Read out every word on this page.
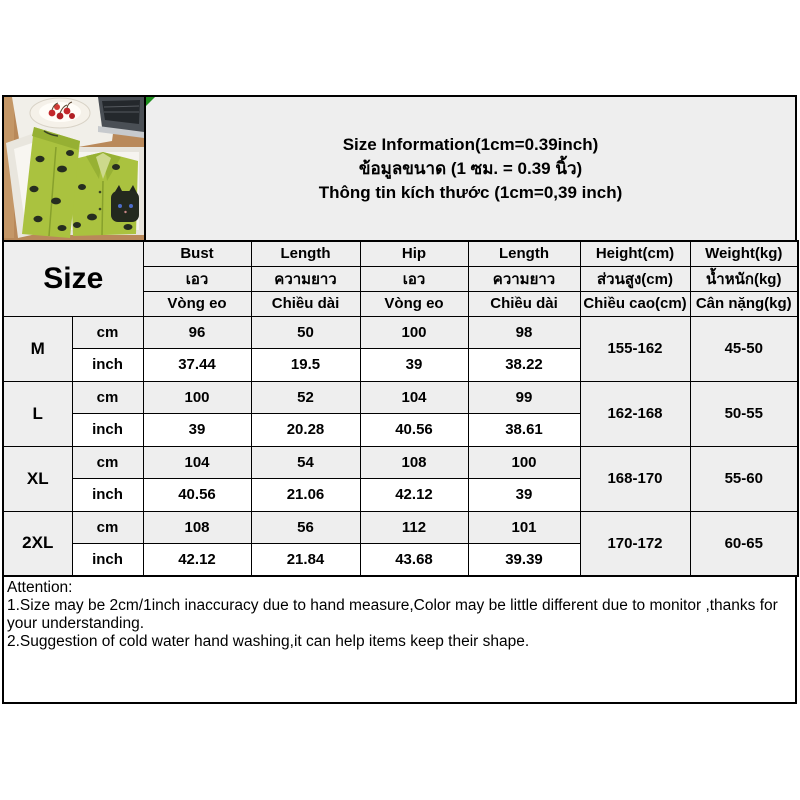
Size Information(1cm=0.39inch)
ข้อมูลขนาด (1 ซม. = 0.39 นิ้ว)
Thông tin kích thước (1cm=0,39 inch)
Size		Bust	Length	Hip	Length	Height(cm)	Weight(kg)
		เอว	ความยาว	เอว	ความยาว	ส่วนสูง(cm)	น้ำหนัก(kg)
		Vòng eo	Chiều dài	Vòng eo	Chiều dài	Chiều cao(cm)	Cân nặng(kg)
M	cm	96	50	100	98	155-162	45-50
	inch	37.44	19.5	39	38.22		
L	cm	100	52	104	99	162-168	50-55
	inch	39	20.28	40.56	38.61		
XL	cm	104	54	108	100	168-170	55-60
	inch	40.56	21.06	42.12	39		
2XL	cm	108	56	112	101	170-172	60-65
	inch	42.12	21.84	43.68	39.39		
Attention:
1.Size may be 2cm/1inch inaccuracy due to hand measure,Color may be little different due to monitor ,thanks for your understanding.
2.Suggestion of cold water hand washing,it can help items keep their shape.
